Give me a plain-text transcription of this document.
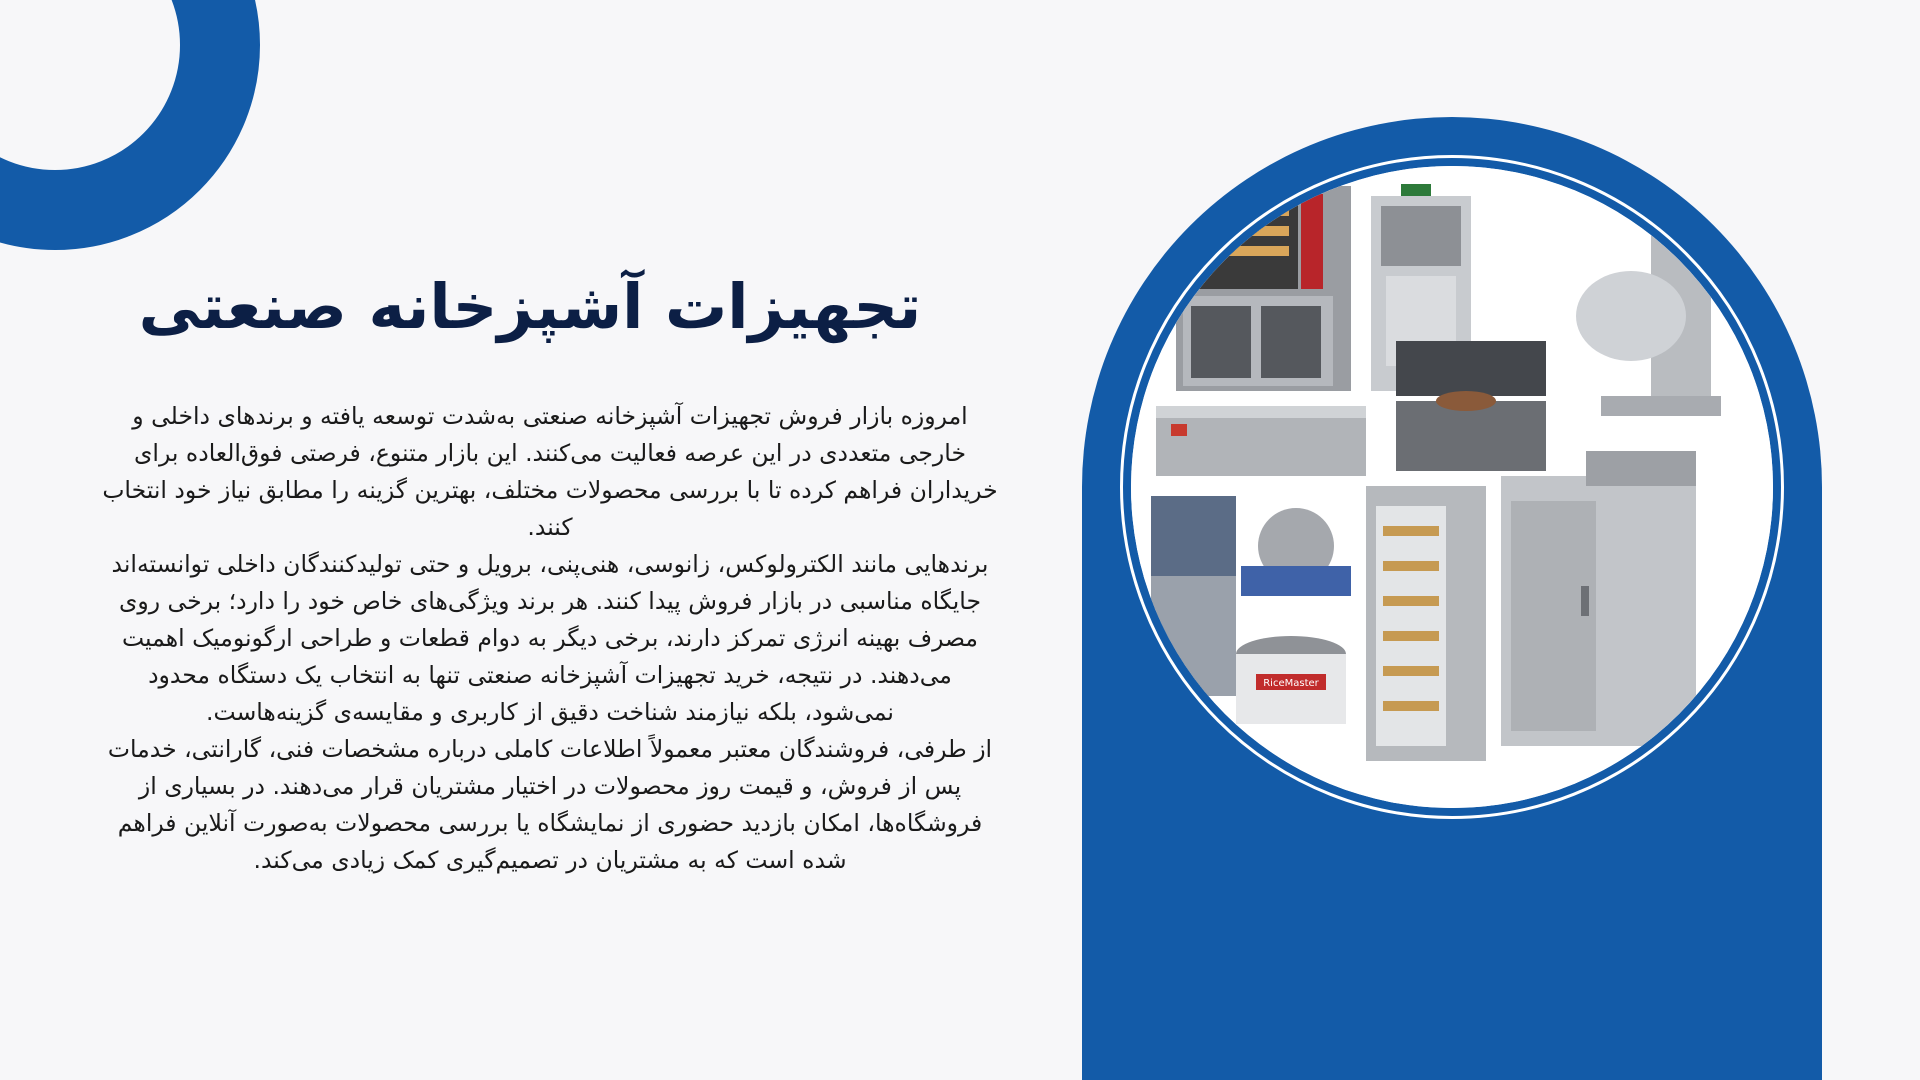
RiceMaster
تجهیزات آشپزخانه صنعتی

امروزه بازار فروش تجهیزات آشپزخانه صنعتی به‌شدت توسعه یافته و برندهای داخلی و خارجی متعددی در این عرصه فعالیت می‌کنند. این بازار متنوع، فرصتی فوق‌العاده برای خریداران فراهم کرده تا با بررسی محصولات مختلف، بهترین گزینه را مطابق نیاز خود انتخاب کنند.

برندهایی مانند الکترولوکس، زانوسی، هنی‌پنی، برویل و حتی تولیدکنندگان داخلی توانسته‌اند جایگاه مناسبی در بازار فروش پیدا کنند. هر برند ویژگی‌های خاص خود را دارد؛ برخی روی مصرف بهینه انرژی تمرکز دارند، برخی دیگر به دوام قطعات و طراحی ارگونومیک اهمیت می‌دهند. در نتیجه، خرید تجهیزات آشپزخانه صنعتی تنها به انتخاب یک دستگاه محدود نمی‌شود، بلکه نیازمند شناخت دقیق از کاربری و مقایسه‌ی گزینه‌هاست.

از طرفی، فروشندگان معتبر معمولاً اطلاعات کاملی درباره مشخصات فنی، گارانتی، خدمات پس از فروش، و قیمت روز محصولات در اختیار مشتریان قرار می‌دهند. در بسیاری از فروشگاه‌ها، امکان بازدید حضوری از نمایشگاه یا بررسی محصولات به‌صورت آنلاین فراهم شده است که به مشتریان در تصمیم‌گیری کمک زیادی می‌کند.
